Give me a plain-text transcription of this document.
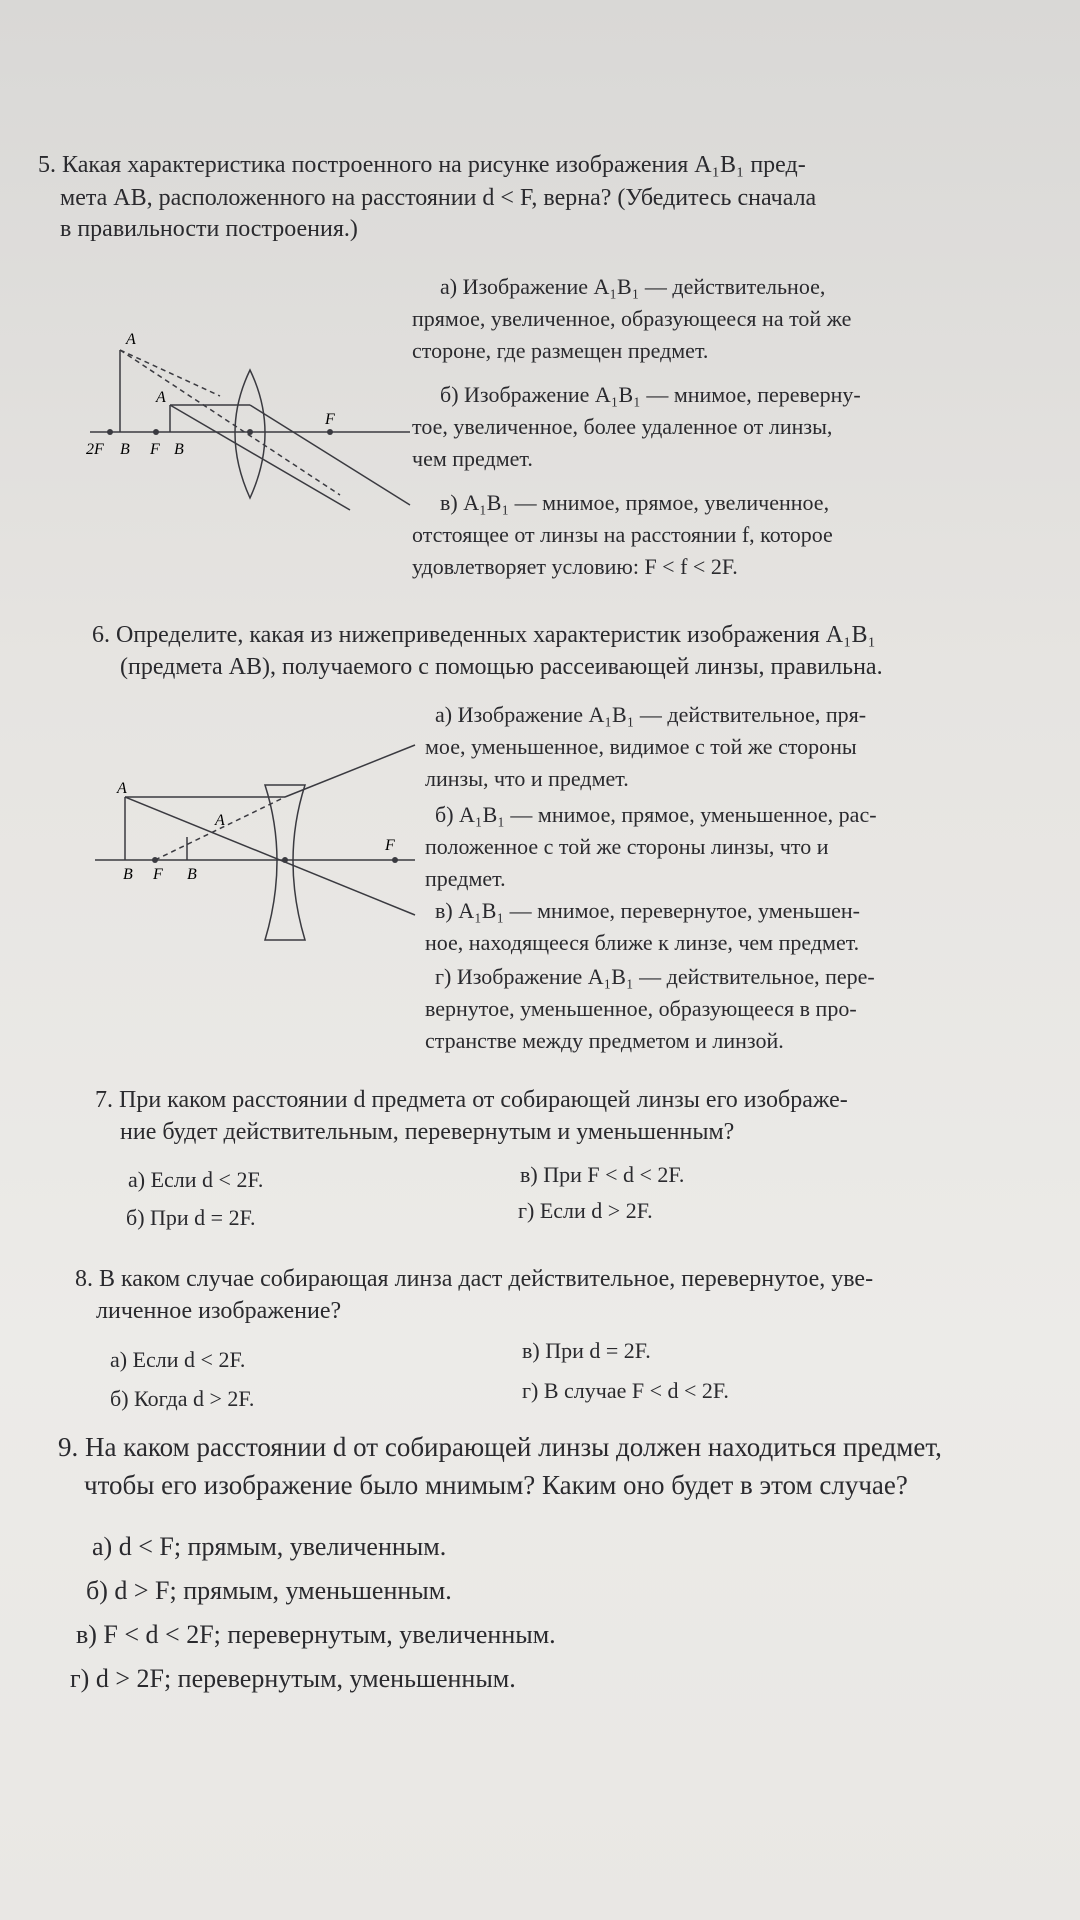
5. Какая характеристика построенного на рисунке изображения A₁B₁ пред-
мета AB, расположенного на расстоянии d < F, верна? (Убедитесь сначала
в правильности построения.)
A
A
F
2F B F B
а) Изображение A₁B₁ — действительное,
прямое, увеличенное, образующееся на той же
стороне, где размещен предмет.
б) Изображение A₁B₁ — мнимое, переверну-
тое, увеличенное, более удаленное от линзы,
чем предмет.
в) A₁B₁ — мнимое, прямое, увеличенное,
отстоящее от линзы на расстоянии f, которое
удовлетворяет условию: F < f < 2F.
6. Определите, какая из нижеприведенных характеристик изображения A₁B₁
(предмета AB), получаемого с помощью рассеивающей линзы, правильна.
A
A
B F B
F
а) Изображение A₁B₁ — действительное, пря-
мое, уменьшенное, видимое с той же стороны
линзы, что и предмет.
б) A₁B₁ — мнимое, прямое, уменьшенное, рас-
положенное с той же стороны линзы, что и
предмет.
в) A₁B₁ — мнимое, перевернутое, уменьшен-
ное, находящееся ближе к линзе, чем предмет.
г) Изображение A₁B₁ — действительное, пере-
вернутое, уменьшенное, образующееся в про-
странстве между предметом и линзой.
7. При каком расстоянии d предмета от собирающей линзы его изображе-
ние будет действительным, перевернутым и уменьшенным?
а) Если d < 2F.	в) При F < d < 2F.
б) При d = 2F.	г) Если d > 2F.
8. В каком случае собирающая линза даст действительное, перевернутое, уве-
личенное изображение?
а) Если d < 2F.	в) При d = 2F.
б) Когда d > 2F.	г) В случае F < d < 2F.
9. На каком расстоянии d от собирающей линзы должен находиться предмет,
чтобы его изображение было мнимым? Каким оно будет в этом случае?
а) d < F; прямым, увеличенным.
б) d > F; прямым, уменьшенным.
в) F < d < 2F; перевернутым, увеличенным.
г) d > 2F; перевернутым, уменьшенным.
